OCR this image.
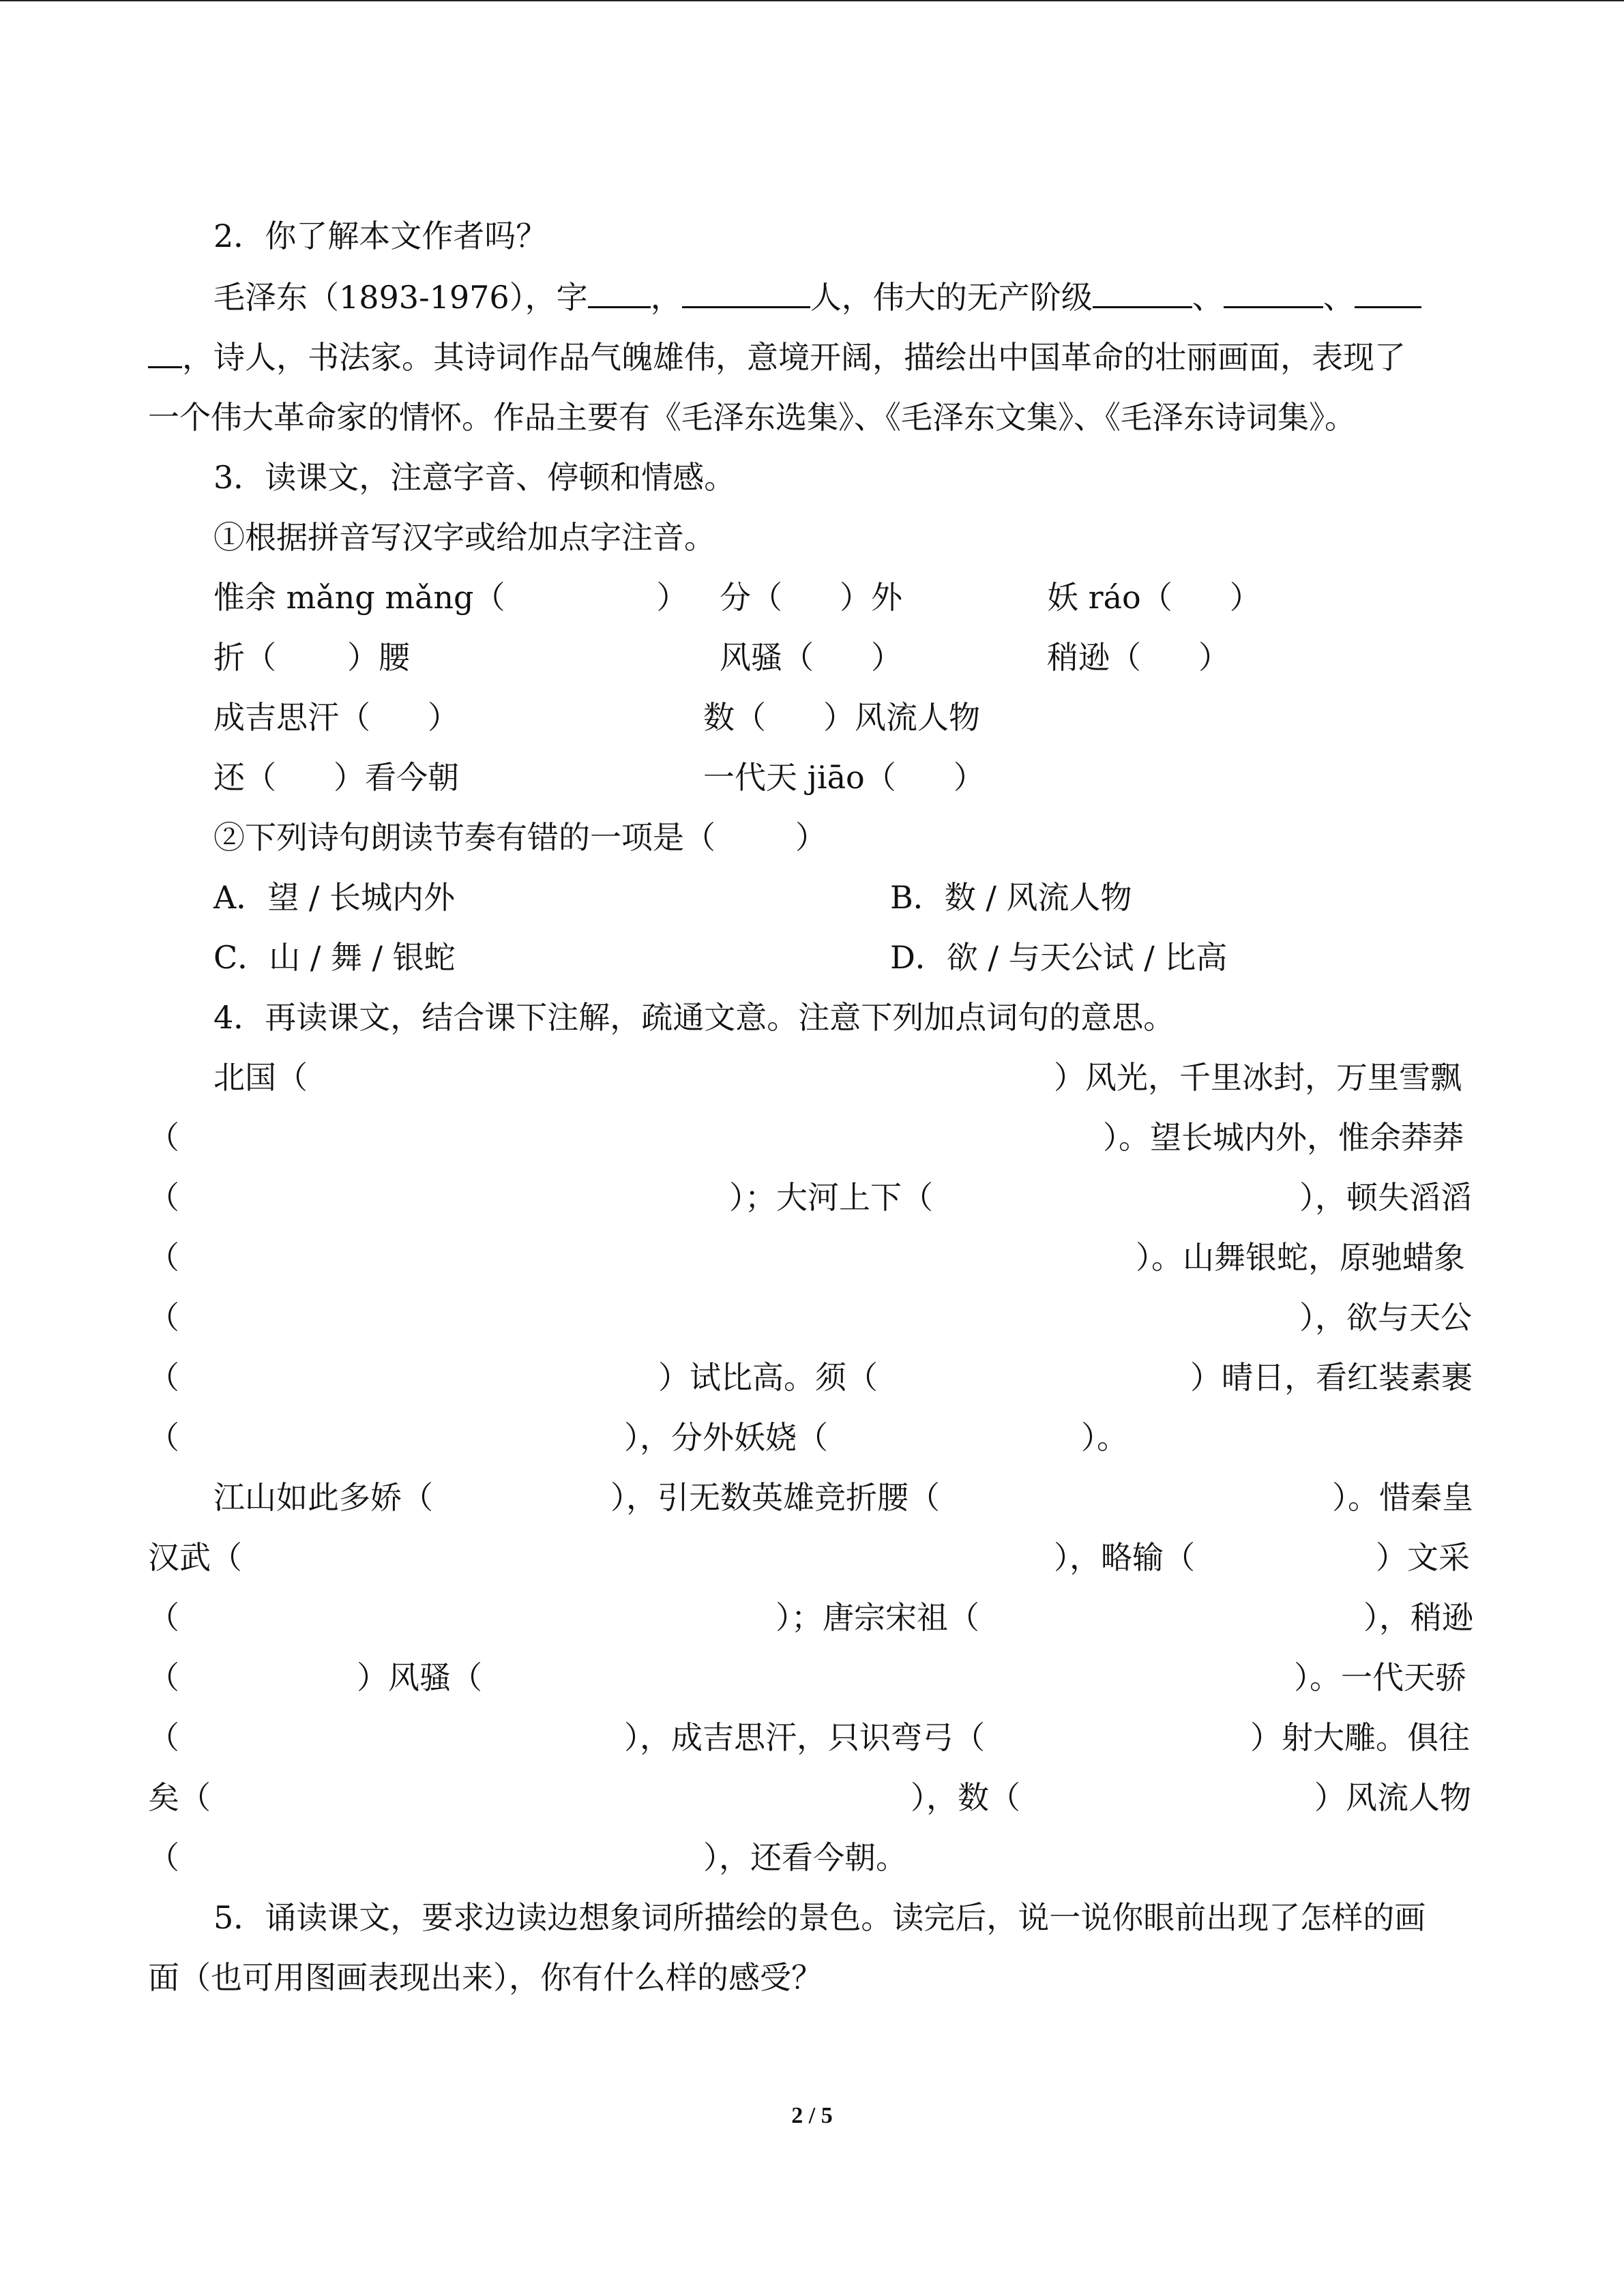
2．你了解本文作者吗？
毛泽东（1893-1976），字 ，	人，伟大的无产阶级	、	、
，诗人，书法家。其诗词作品气魄雄伟，意境开阔，描绘出中国革命的壮丽画面，表现了
一个伟大革命家的情怀。作品主要有《毛泽东选集》、《毛泽东文集》、《毛泽东诗词集》。
3．读课文，注意字音、停顿和情感。
①根据拼音写汉字或给加点字注音。
惟余 mǎng mǎng（	） 分（ ）外	妖 ráo（ ）
折（ ）腰	风骚（ ）	稍逊（ ）
成吉思汗（ ）	数（ ）风流人物
还（ ）看今朝	一代天 jiāo（ ）
②下列诗句朗读节奏有错的一项是（        ）
A．望 / 长城内外	B．数 / 风流人物
C．山 / 舞 / 银蛇	D．欲 / 与天公试 / 比高
4．再读课文，结合课下注解，疏通文意。注意下列加点词句的意思。
北国（	）风光，千里冰封，万里雪飘
（	）。望长城内外，惟余莽莽
（	）；大河上下（	），顿失滔滔
（	）。山舞银蛇，原驰蜡象
（	），欲与天公
（	）试比高。须（	）晴日，看红装素裹
（	），分外妖娆（	）。
江山如此多娇（	），引无数英雄竞折腰（	）。惜秦皇
汉武（	），略输（	）文采
（	）；唐宗宋祖（	），稍逊
（	）风骚（	）。一代天骄
（	），成吉思汗，只识弯弓（	）射大雕。俱往
矣（	），数（	）风流人物
（	），还看今朝。
5．诵读课文，要求边读边想象词所描绘的景色。读完后，说一说你眼前出现了怎样的画
面（也可用图画表现出来），你有什么样的感受？
2 / 5
